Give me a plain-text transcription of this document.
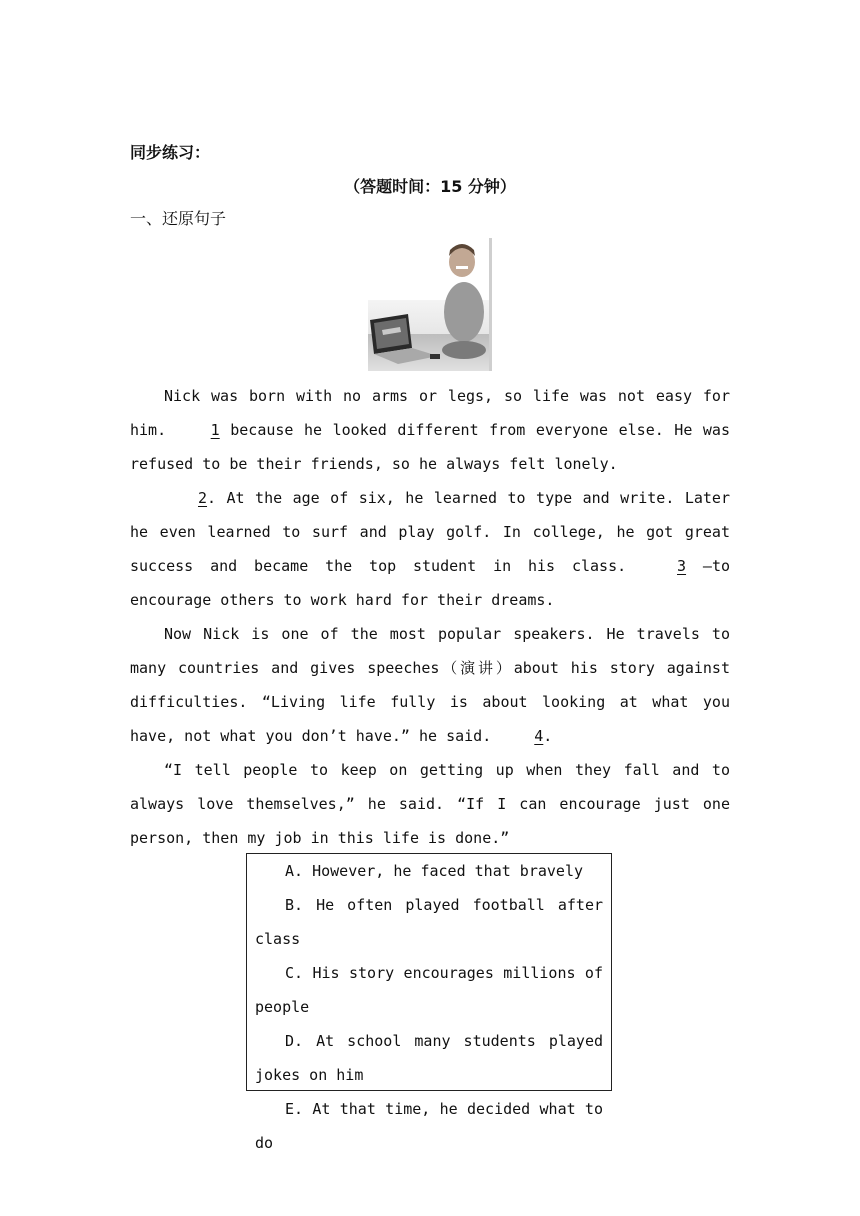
同步练习：
（答题时间：15 分钟）
一、还原句子

Nick was born with no arms or legs, so life was not easy for him.	1 because he looked different from everyone else. He was refused to be their friends, so he always felt lonely.

2. At the age of six, he learned to type and write. Later he even learned to surf and play golf. In college, he got great success and became the top student in his class.	3 —to encourage others to work hard for their dreams.

Now Nick is one of the most popular speakers. He travels to many countries and gives speeches（演讲）about his story against difficulties. “Living life fully is about looking at what you have, not what you don’t have.” he said.	4.

“I tell people to keep on getting up when they fall and to always love themselves,” he said. “If I can encourage just one person, then my job in this life is done.”

A. However, he faced that bravely

B. He often played football after class

C. His story encourages millions of people

D. At school many students played jokes on him

E. At that time, he decided what to do
